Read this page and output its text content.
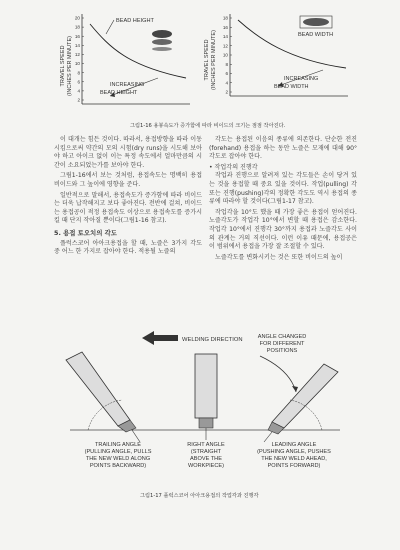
TRAVEL SPEED (INCHES PER MINUTE)
20
18
16
14
12
10
8
6
4
2
BEAD HEIGHT
INCREASING
BEAD HEIGHT
TRAVEL SPEED (INCHES PER MINUTE)
18
16
14
12
10
8
6
4
2
BEAD WIDTH
INCREASING
BEAD WIDTH
그림1-16 용봉속도가 증가함에 따라 비이드의 크기는 점점 작아진다.

이 대개는 힘든 것이다. 따라서, 용접방향을 따라 이동시킴으로써 약간의 모의 시험(dry runs)을 시도해 보아야 하고 아이크 없이 이는 특정 속도에서 얼마만큼의 시간이 소요되었는가를 보아야 한다.

그림1-16에서 보는 것처럼, 용접속도는 명백히 용접비이드와 그 높이에 영향을 준다.

일반적으로 말해서, 용접속도가 증가함에 따라 비이드는 더욱 납작해지고 보다 좋아진다. 전반에 걸쳐, 비이드는 용접공이 적정 용접속도 이상으로 용접속도를 증가시킬 때 단지 작아질 뿐이다(그림1-16 참고).

5. 용접 토오치의 각도

플럭스코어 아아크용접을 할 때, 노즐은 3가지 각도 중 어느 한 가지로 잡아야 한다. 적용될 노즐의

각도는 용접된 이음의 종류에 의존한다. 단순한 전진(forehand) 용접을 하는 동안 노즐은 모재에 대해 90° 각도로 잡아야 한다.

• 작업각의 진행각

작업과 진행으로 알려져 있는 각도들은 손이 당겨 있는 것을 용접할 때 중요 있을 것이다. 작업(pulling) 각 또는 진행(pushing)각의 정확한 각도도 역시 용접의 종류에 따라야 할 것이다(그림1-17 참고).

작업각을 10°도 했을 때 가장 좋은 용접이 얻어진다. 노즐각도가 작업각 10°에서 변할 때 용접은 감소한다. 작업각 10°에서 진행각 30°까지 용접과 노즐각도 사이의 관계는 거의 직선이다. 이런 이유 때문에, 용접공은 이 범위에서 용접을 가장 잘 조절할 수 있다.

노즐각도를 변화시키는 것은 또한 비이드의 높이

WELDING DIRECTION	ANGLE CHANGED
FOR DIFFERENT
POSITIONS
TRAILING ANGLE
(PULLING ANGLE, PULLS
THE NEW WELD ALONG
POINTS BACKWARD)
RIGHT ANGLE
(STRAIGHT
ABOVE THE
WORKPIECE)
LEADING ANGLE
(PUSHING ANGLE, PUSHES
THE NEW WELD AHEAD,
POINTS FORWARD)
그림1-17 플럭스코어 아아크용접의 작업각과 진행각
